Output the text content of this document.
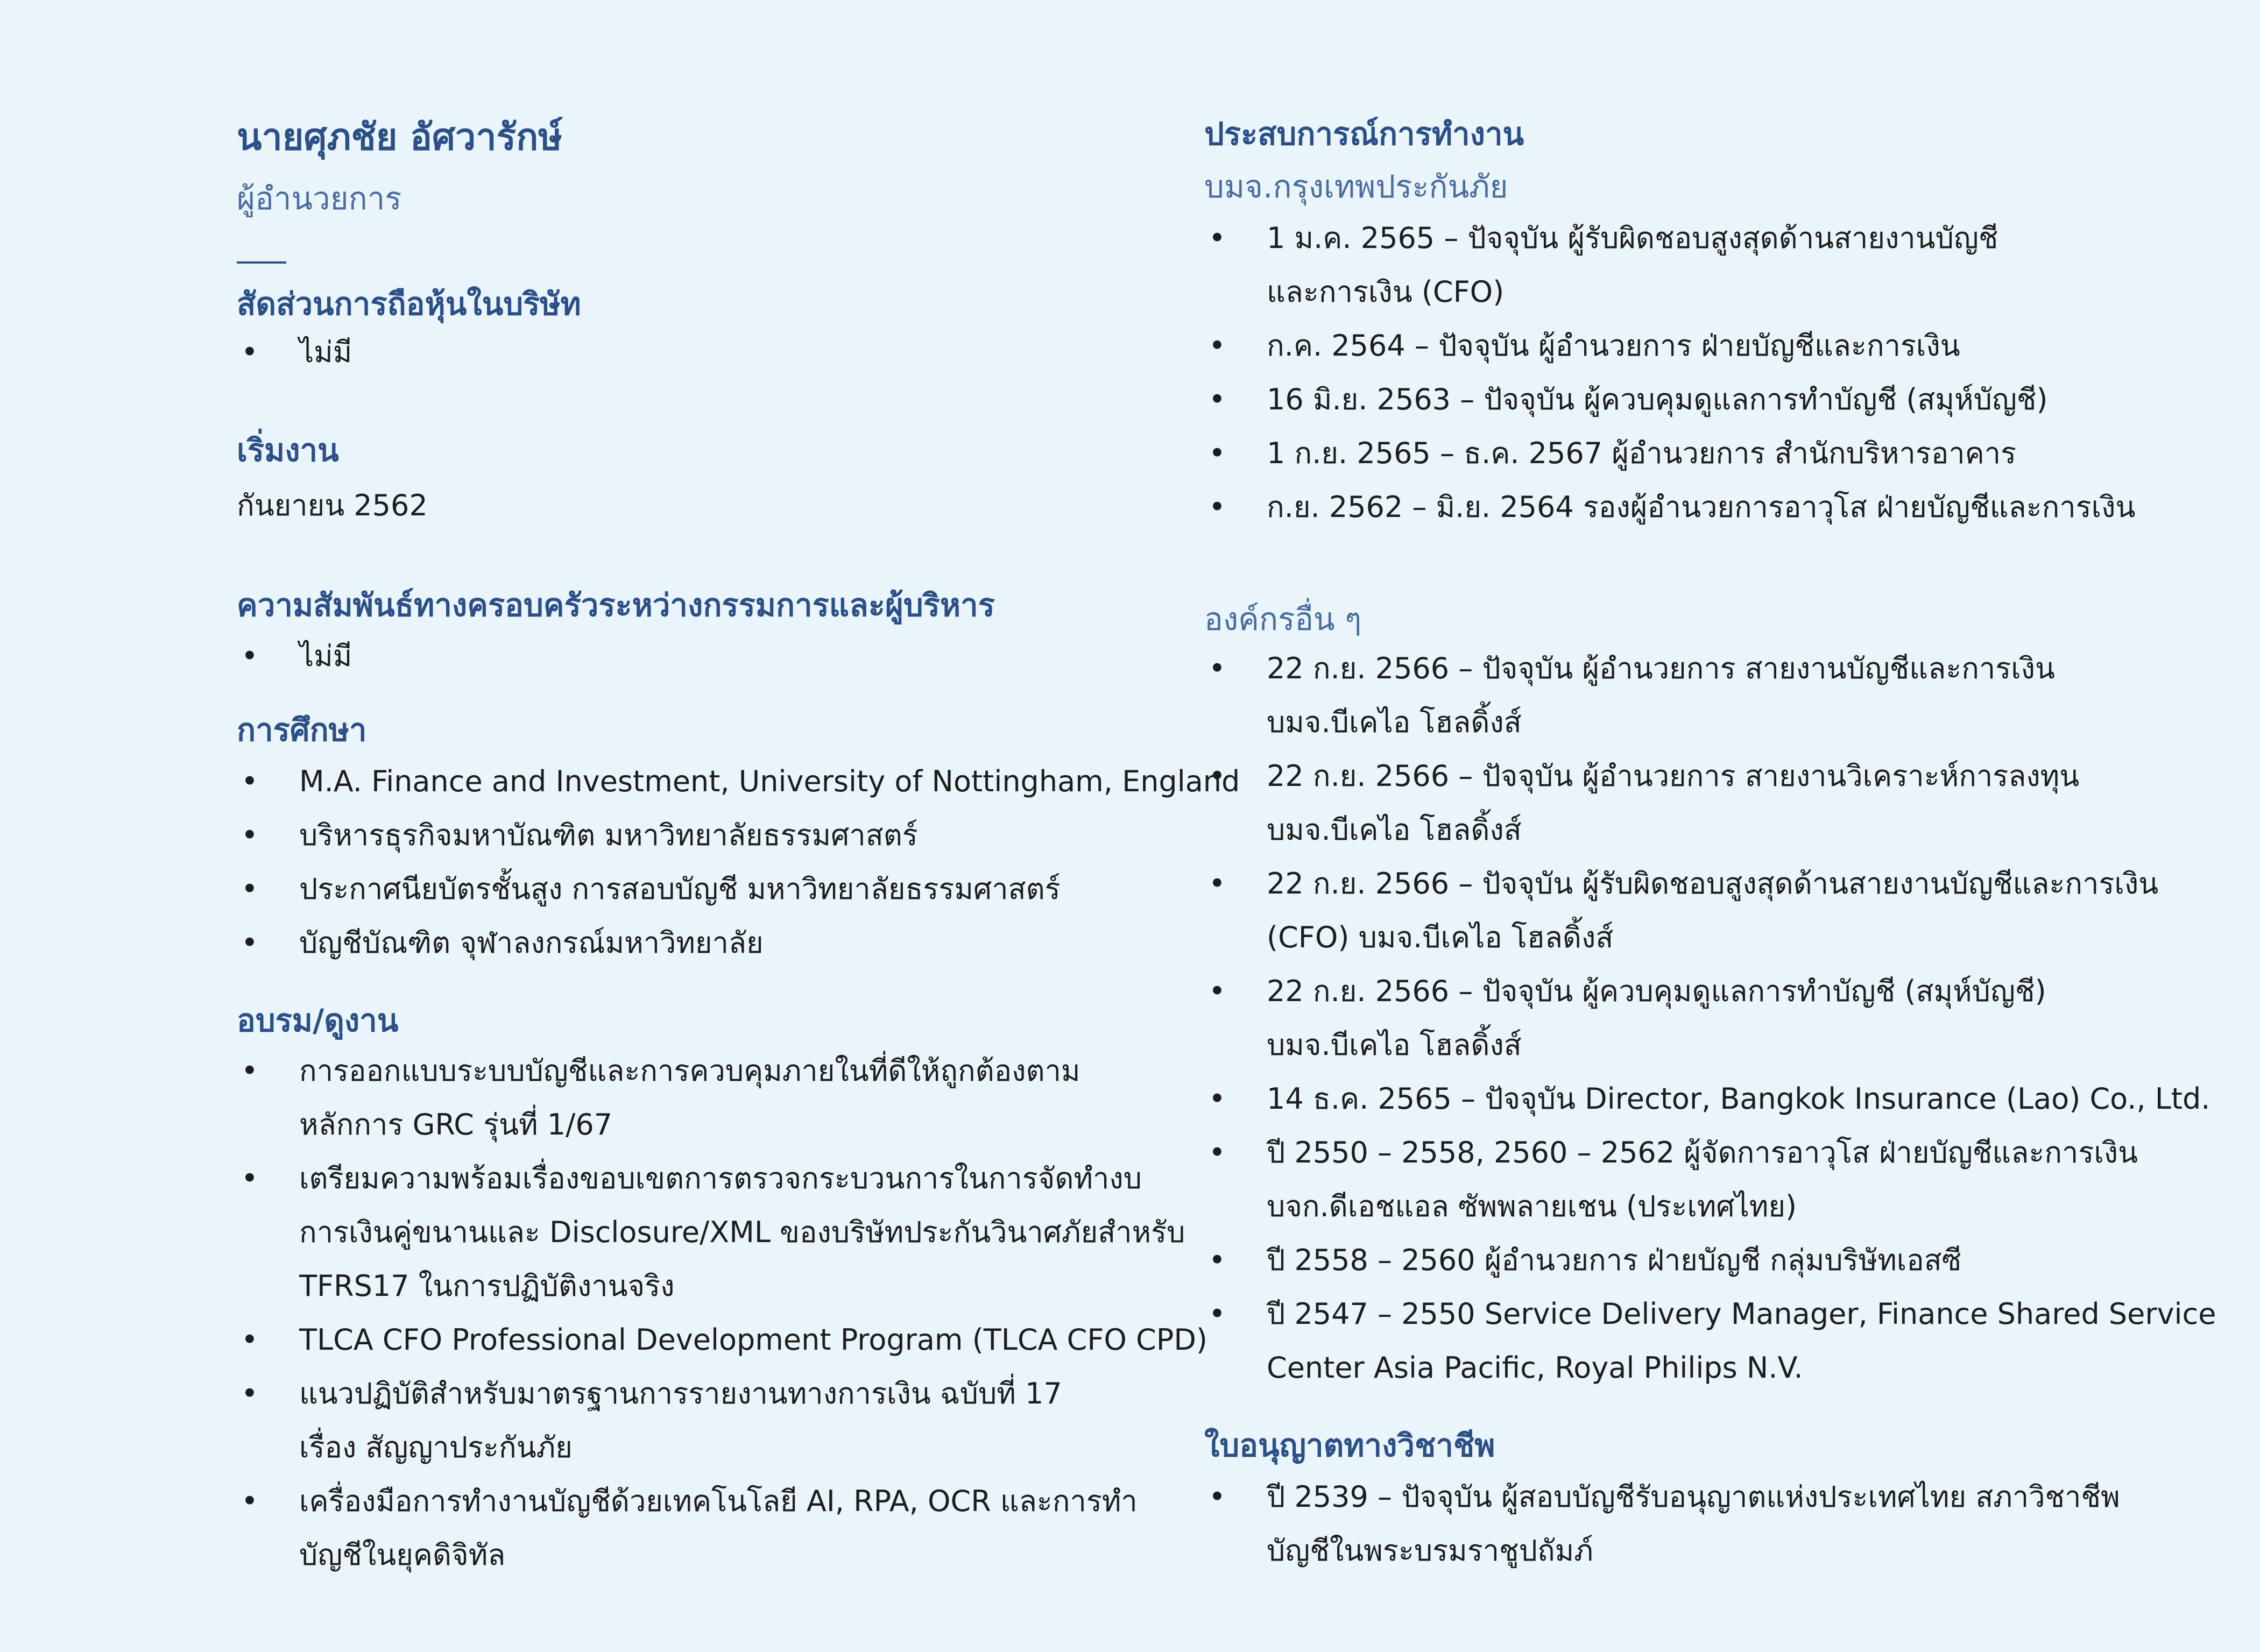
นายศุภชัย อัศวารักษ์
ผู้อำนวยการ
สัดส่วนการถือหุ้นในบริษัท
• ไม่มี
เริ่มงาน
กันยายน 2562
ความสัมพันธ์ทางครอบครัวระหว่างกรรมการและผู้บริหาร
• ไม่มี
การศึกษา
• M.A. Finance and Investment, University of Nottingham, England
• บริหารธุรกิจมหาบัณฑิต มหาวิทยาลัยธรรมศาสตร์
• ประกาศนียบัตรชั้นสูง การสอบบัญชี มหาวิทยาลัยธรรมศาสตร์
• บัญชีบัณฑิต จุฬาลงกรณ์มหาวิทยาลัย
อบรม/ดูงาน
• การออกแบบระบบบัญชีและการควบคุมภายในที่ดีให้ถูกต้องตาม
หลักการ GRC รุ่นที่ 1/67
• เตรียมความพร้อมเรื่องขอบเขตการตรวจกระบวนการในการจัดทำงบ
การเงินคู่ขนานและ Disclosure/XML ของบริษัทประกันวินาศภัยสำหรับ
TFRS17 ในการปฏิบัติงานจริง
• TLCA CFO Professional Development Program (TLCA CFO CPD)
• แนวปฏิบัติสำหรับมาตรฐานการรายงานทางการเงิน ฉบับที่ 17
เรื่อง สัญญาประกันภัย
• เครื่องมือการทำงานบัญชีด้วยเทคโนโลยี AI, RPA, OCR และการทำ
บัญชีในยุคดิจิทัล
ประสบการณ์การทำงาน
บมจ.กรุงเทพประกันภัย
• 1 ม.ค. 2565 – ปัจจุบัน ผู้รับผิดชอบสูงสุดด้านสายงานบัญชี
และการเงิน (CFO)
• ก.ค. 2564 – ปัจจุบัน ผู้อำนวยการ ฝ่ายบัญชีและการเงิน
• 16 มิ.ย. 2563 – ปัจจุบัน ผู้ควบคุมดูแลการทำบัญชี (สมุห์บัญชี)
• 1 ก.ย. 2565 – ธ.ค. 2567 ผู้อำนวยการ สำนักบริหารอาคาร
• ก.ย. 2562 – มิ.ย. 2564 รองผู้อำนวยการอาวุโส ฝ่ายบัญชีและการเงิน
องค์กรอื่น ๆ
• 22 ก.ย. 2566 – ปัจจุบัน ผู้อำนวยการ สายงานบัญชีและการเงิน
บมจ.บีเคไอ โฮลดิ้งส์
• 22 ก.ย. 2566 – ปัจจุบัน ผู้อำนวยการ สายงานวิเคราะห์การลงทุน
บมจ.บีเคไอ โฮลดิ้งส์
• 22 ก.ย. 2566 – ปัจจุบัน ผู้รับผิดชอบสูงสุดด้านสายงานบัญชีและการเงิน
(CFO) บมจ.บีเคไอ โฮลดิ้งส์
• 22 ก.ย. 2566 – ปัจจุบัน ผู้ควบคุมดูแลการทำบัญชี (สมุห์บัญชี)
บมจ.บีเคไอ โฮลดิ้งส์
• 14 ธ.ค. 2565 – ปัจจุบัน Director, Bangkok Insurance (Lao) Co., Ltd.
• ปี 2550 – 2558, 2560 – 2562 ผู้จัดการอาวุโส ฝ่ายบัญชีและการเงิน
บจก.ดีเอชแอล ซัพพลายเชน (ประเทศไทย)
• ปี 2558 – 2560 ผู้อำนวยการ ฝ่ายบัญชี กลุ่มบริษัทเอสซี
• ปี 2547 – 2550 Service Delivery Manager, Finance Shared Service
Center Asia Pacific, Royal Philips N.V.
ใบอนุญาตทางวิชาชีพ
• ปี 2539 – ปัจจุบัน ผู้สอบบัญชีรับอนุญาตแห่งประเทศไทย สภาวิชาชีพ
บัญชีในพระบรมราชูปถัมภ์
